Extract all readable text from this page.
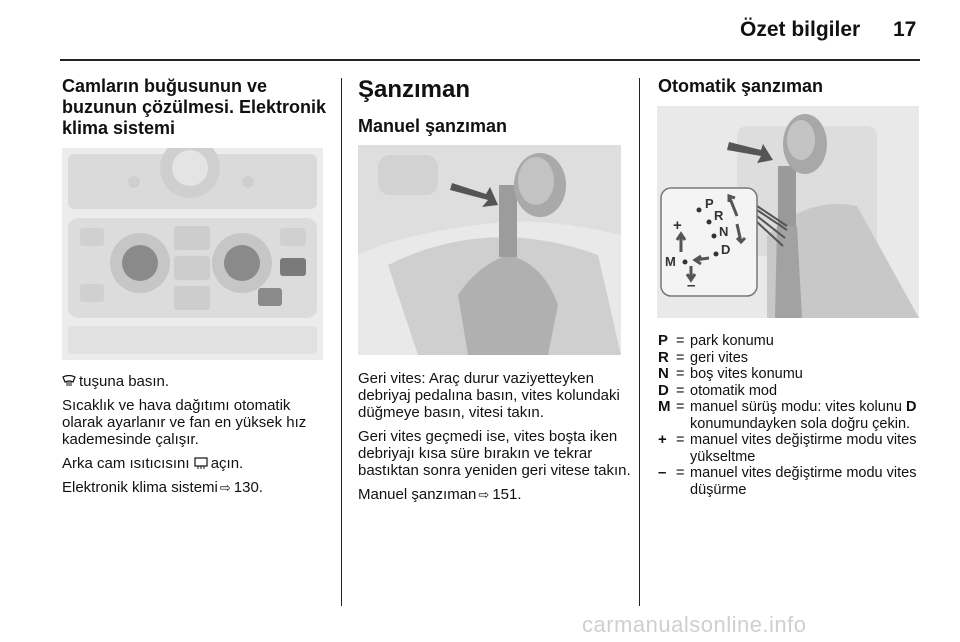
Özet bilgiler 17
Camların buğusunun ve buzunun çözülmesi. Elektronik klima sistemi

tuşuna basın.

Sıcaklık ve hava dağıtımı otomatik olarak ayarlanır ve fan en yüksek hız kademesinde çalışır.

Arka cam ısıtıcısını açın.

Elektronik klima sistemi ⇨ 130.

Şanzıman
Manuel şanzıman

Geri vites: Araç durur vaziyetteyken debriyaj pedalına basın, vites kolundaki düğmeye basın, vitesi takın.

Geri vites geçmedi ise, vites boşta iken debriyajı kısa süre bırakın ve tekrar bastıktan sonra yeniden geri vitese takın.

Manuel şanzıman ⇨ 151.

Otomatik şanzıman
P
R
N
D
M
+
–
P = park konumu
R = geri vites
N = boş vites konumu
D = otomatik mod
M = manuel sürüş modu: vites kolunu D konumundayken sola doğru çekin.
+ = manuel vites değiştirme modu vites yükseltme
– = manuel vites değiştirme modu vites düşürme
carmanualsonline.info
